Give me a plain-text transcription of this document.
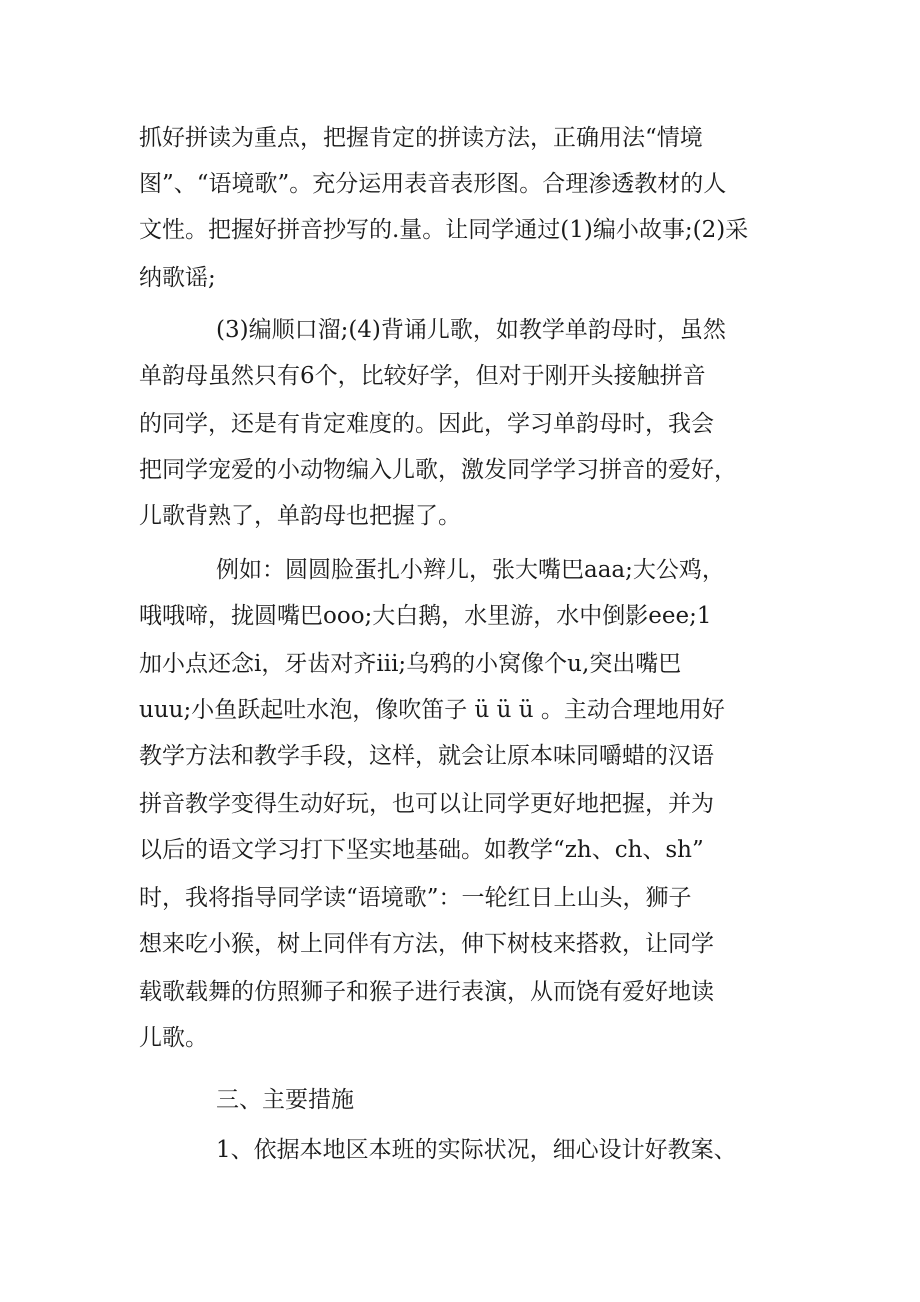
抓好拼读为重点，把握肯定的拼读方法，正确用法“情境
图”、“语境歌”。充分运用表音表形图。合理渗透教材的人
文性。把握好拼音抄写的.量。让同学通过(1)编小故事;(2)采
纳歌谣;
(3)编顺口溜;(4)背诵儿歌，如教学单韵母时，虽然
单韵母虽然只有6个，比较好学，但对于刚开头接触拼音
的同学，还是有肯定难度的。因此，学习单韵母时，我会
把同学宠爱的小动物编入儿歌，激发同学学习拼音的爱好，
儿歌背熟了，单韵母也把握了。
例如：圆圆脸蛋扎小辫儿，张大嘴巴aaa;大公鸡，
哦哦啼，拢圆嘴巴ooo;大白鹅，水里游，水中倒影eee;1
加小点还念i，牙齿对齐iii;乌鸦的小窝像个u,突出嘴巴
uuu;小鱼跃起吐水泡，像吹笛子 ü ü ü 。主动合理地用好
教学方法和教学手段，这样，就会让原本味同嚼蜡的汉语
拼音教学变得生动好玩，也可以让同学更好地把握，并为
以后的语文学习打下坚实地基础。如教学“zh、ch、sh”
时，我将指导同学读“语境歌”：一轮红日上山头，狮子
想来吃小猴，树上同伴有方法，伸下树枝来搭救，让同学
载歌载舞的仿照狮子和猴子进行表演，从而饶有爱好地读
儿歌。
三、主要措施
1、依据本地区本班的实际状况，细心设计好教案、
